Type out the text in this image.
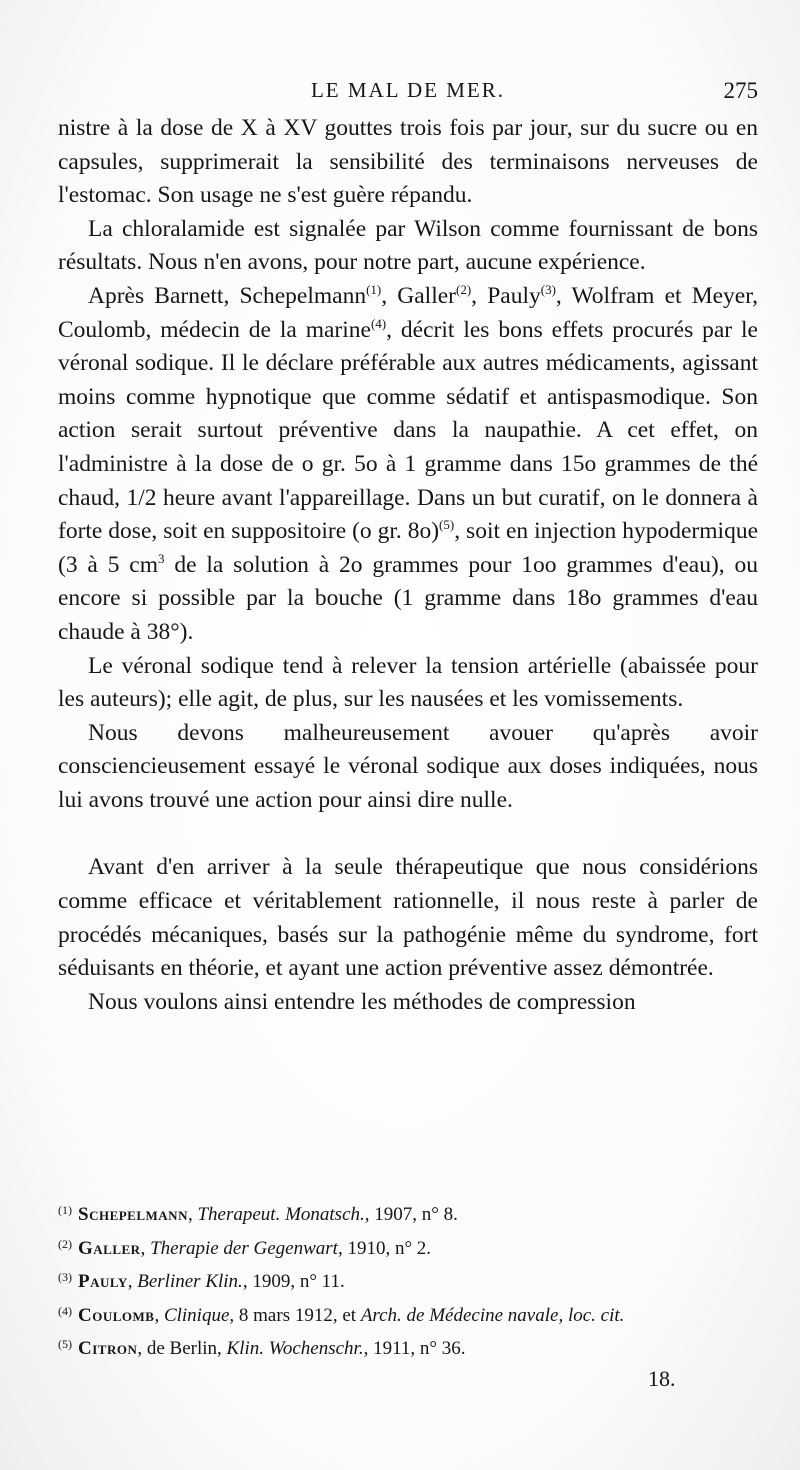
LE MAL DE MER.	275

nistre à la dose de X à XV gouttes trois fois par jour, sur du sucre ou en capsules, supprimerait la sensibilité des terminaisons nerveuses de l'estomac. Son usage ne s'est guère répandu.

La chloralamide est signalée par Wilson comme fournissant de bons résultats. Nous n'en avons, pour notre part, aucune expérience.

Après Barnett, Schepelmann$^{(1)}$, Galler$^{(2)}$, Pauly$^{(3)}$, Wolfram et Meyer, Coulomb, médecin de la marine$^{(4)}$, décrit les bons effets procurés par le véronal sodique. Il le déclare préférable aux autres médicaments, agissant moins comme hypnotique que comme sédatif et antispasmodique. Son action serait surtout préventive dans la naupathie. A cet effet, on l'administre à la dose de o gr. 5o à 1 gramme dans 15o grammes de thé chaud, 1/2 heure avant l'appareillage. Dans un but curatif, on le donnera à forte dose, soit en suppositoire (o gr. 8o)$^{(5)}$, soit en injection hypodermique (3 à 5 $cm^3$ de la solution à 2o grammes pour 1oo grammes d'eau), ou encore si possible par la bouche (1 gramme dans 18o grammes d'eau chaude à 38°).

Le véronal sodique tend à relever la tension artérielle (abaissée pour les auteurs); elle agit, de plus, sur les nausées et les vomissements.

Nous devons malheureusement avouer qu'après avoir consciencieusement essayé le véronal sodique aux doses indiquées, nous lui avons trouvé une action pour ainsi dire nulle.

Avant d'en arriver à la seule thérapeutique que nous considérions comme efficace et véritablement rationnelle, il nous reste à parler de procédés mécaniques, basés sur la pathogénie même du syndrome, fort séduisants en théorie, et ayant une action préventive assez démontrée.

Nous voulons ainsi entendre les méthodes de compression

$^{(1)}$ Schepelmann, Therapeut. Monatsch., 1907, n° 8.

$^{(2)}$ Galler, Therapie der Gegenwart, 1910, n° 2.

$^{(3)}$ Pauly, Berliner Klin., 1909, n° 11.

$^{(4)}$ Coulomb, Clinique, 8 mars 1912, et Arch. de Médecine navale, loc. cit.

$^{(5)}$ Citron, de Berlin, Klin. Wochenschr., 1911, n° 36.

18.
